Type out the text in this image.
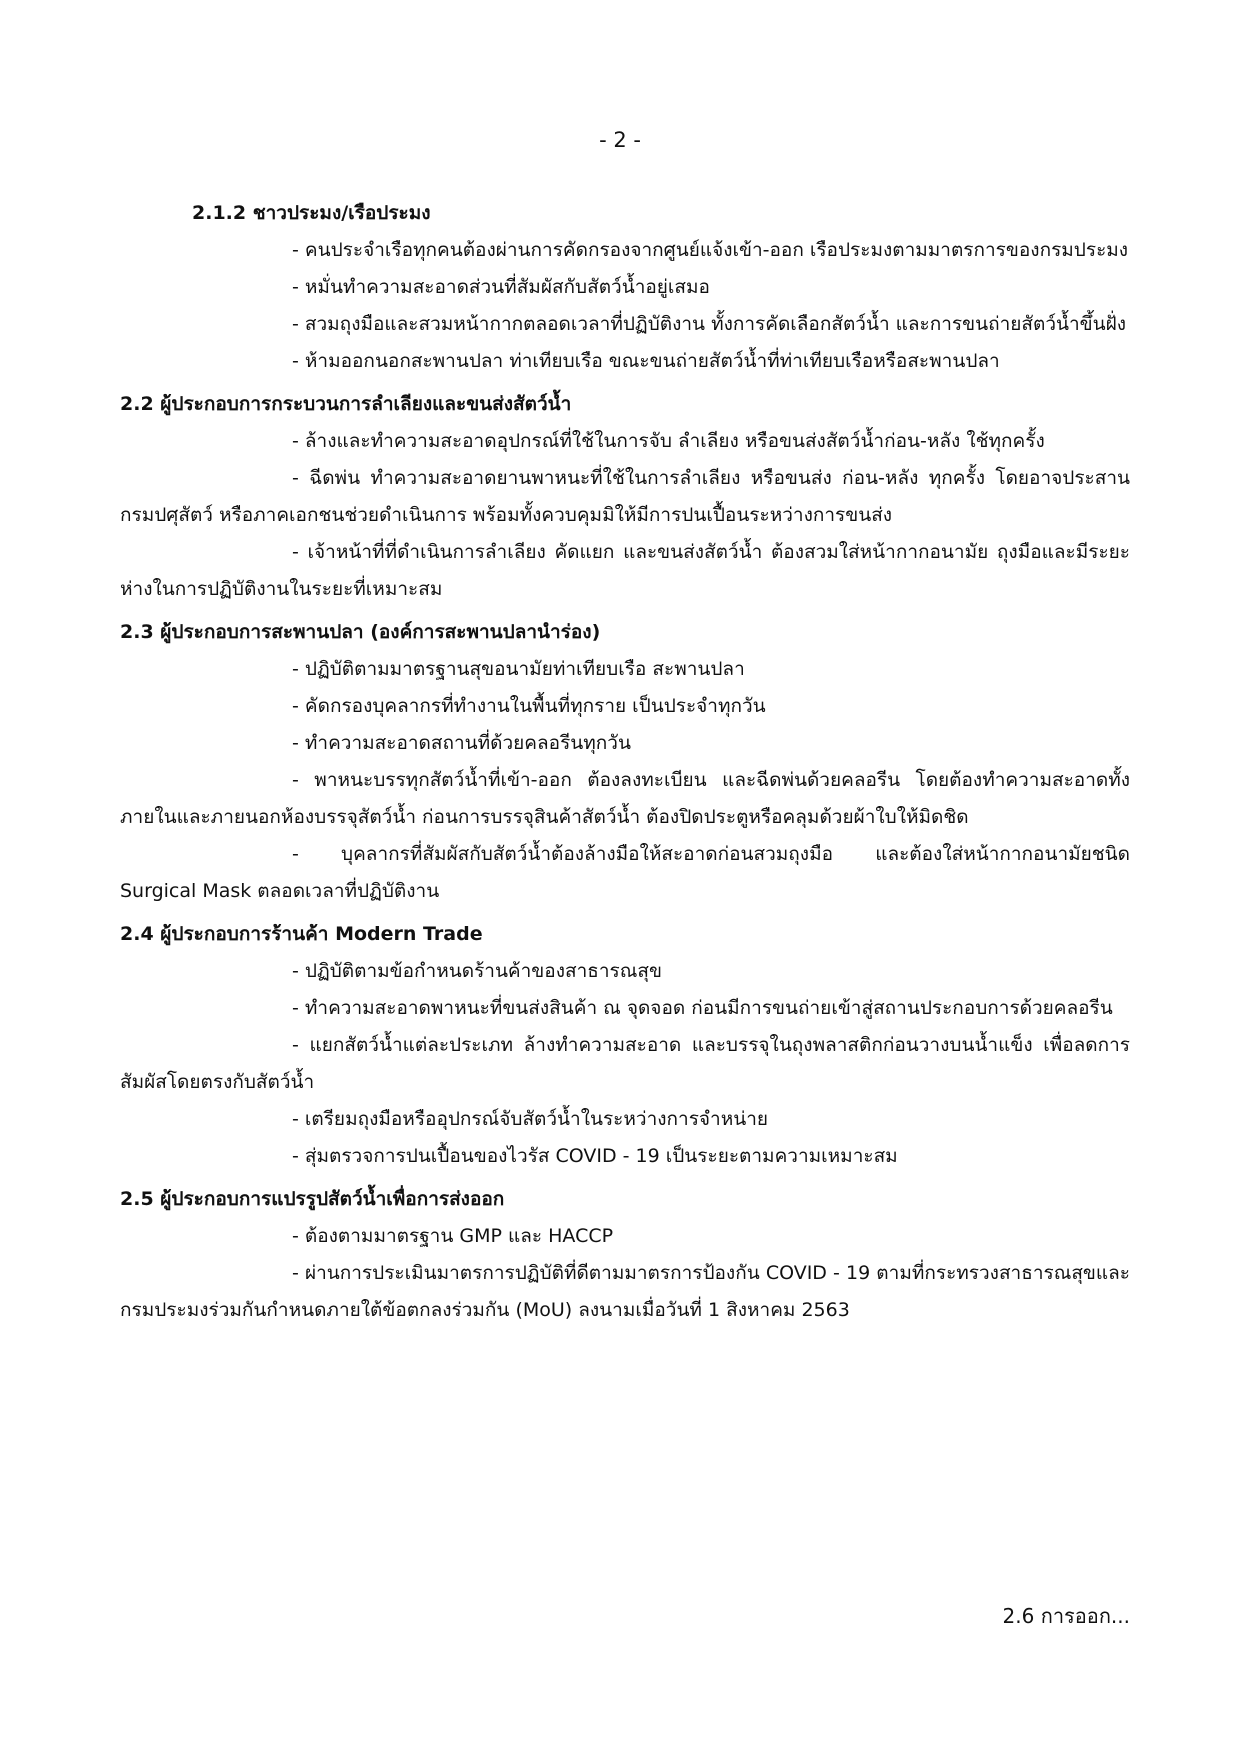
- 2 -
2.1.2 ชาวประมง/เรือประมง

- คนประจำเรือทุกคนต้องผ่านการคัดกรองจากศูนย์แจ้งเข้า-ออก เรือประมงตามมาตรการของกรมประมง

- หมั่นทำความสะอาดส่วนที่สัมผัสกับสัตว์น้ำอยู่เสมอ

- สวมถุงมือและสวมหน้ากากตลอดเวลาที่ปฏิบัติงาน ทั้งการคัดเลือกสัตว์น้ำ และการขนถ่ายสัตว์น้ำขึ้นฝั่ง

- ห้ามออกนอกสะพานปลา ท่าเทียบเรือ ขณะขนถ่ายสัตว์น้ำที่ท่าเทียบเรือหรือสะพานปลา

2.2 ผู้ประกอบการกระบวนการลำเลียงและขนส่งสัตว์น้ำ

- ล้างและทำความสะอาดอุปกรณ์ที่ใช้ในการจับ ลำเลียง หรือขนส่งสัตว์น้ำก่อน-หลัง ใช้ทุกครั้ง

- ฉีดพ่น ทำความสะอาดยานพาหนะที่ใช้ในการลำเลียง หรือขนส่ง ก่อน-หลัง ทุกครั้ง โดยอาจประสานกรมปศุสัตว์ หรือภาคเอกชนช่วยดำเนินการ พร้อมทั้งควบคุมมิให้มีการปนเปื้อนระหว่างการขนส่ง

- เจ้าหน้าที่ที่ดำเนินการลำเลียง คัดแยก และขนส่งสัตว์น้ำ ต้องสวมใส่หน้ากากอนามัย ถุงมือและมีระยะห่างในการปฏิบัติงานในระยะที่เหมาะสม

2.3 ผู้ประกอบการสะพานปลา (องค์การสะพานปลานำร่อง)

- ปฏิบัติตามมาตรฐานสุขอนามัยท่าเทียบเรือ สะพานปลา

- คัดกรองบุคลากรที่ทำงานในพื้นที่ทุกราย เป็นประจำทุกวัน

- ทำความสะอาดสถานที่ด้วยคลอรีนทุกวัน

- พาหนะบรรทุกสัตว์น้ำที่เข้า-ออก ต้องลงทะเบียน และฉีดพ่นด้วยคลอรีน โดยต้องทำความสะอาดทั้งภายในและภายนอกห้องบรรจุสัตว์น้ำ ก่อนการบรรจุสินค้าสัตว์น้ำ ต้องปิดประตูหรือคลุมด้วยผ้าใบให้มิดชิด

- บุคลากรที่สัมผัสกับสัตว์น้ำต้องล้างมือให้สะอาดก่อนสวมถุงมือ และต้องใส่หน้ากากอนามัยชนิด Surgical Mask ตลอดเวลาที่ปฏิบัติงาน

2.4 ผู้ประกอบการร้านค้า Modern Trade

- ปฏิบัติตามข้อกำหนดร้านค้าของสาธารณสุข

- ทำความสะอาดพาหนะที่ขนส่งสินค้า ณ จุดจอด ก่อนมีการขนถ่ายเข้าสู่สถานประกอบการด้วยคลอรีน

- แยกสัตว์น้ำแต่ละประเภท ล้างทำความสะอาด และบรรจุในถุงพลาสติกก่อนวางบนน้ำแข็ง เพื่อลดการสัมผัสโดยตรงกับสัตว์น้ำ

- เตรียมถุงมือหรืออุปกรณ์จับสัตว์น้ำในระหว่างการจำหน่าย

- สุ่มตรวจการปนเปื้อนของไวรัส COVID - 19 เป็นระยะตามความเหมาะสม

2.5 ผู้ประกอบการแปรรูปสัตว์น้ำเพื่อการส่งออก

- ต้องตามมาตรฐาน GMP และ HACCP

- ผ่านการประเมินมาตรการปฏิบัติที่ดีตามมาตรการป้องกัน COVID - 19 ตามที่กระทรวงสาธารณสุขและกรมประมงร่วมกันกำหนดภายใต้ข้อตกลงร่วมกัน (MoU) ลงนามเมื่อวันที่ 1 สิงหาคม 2563

2.6 การออก...
